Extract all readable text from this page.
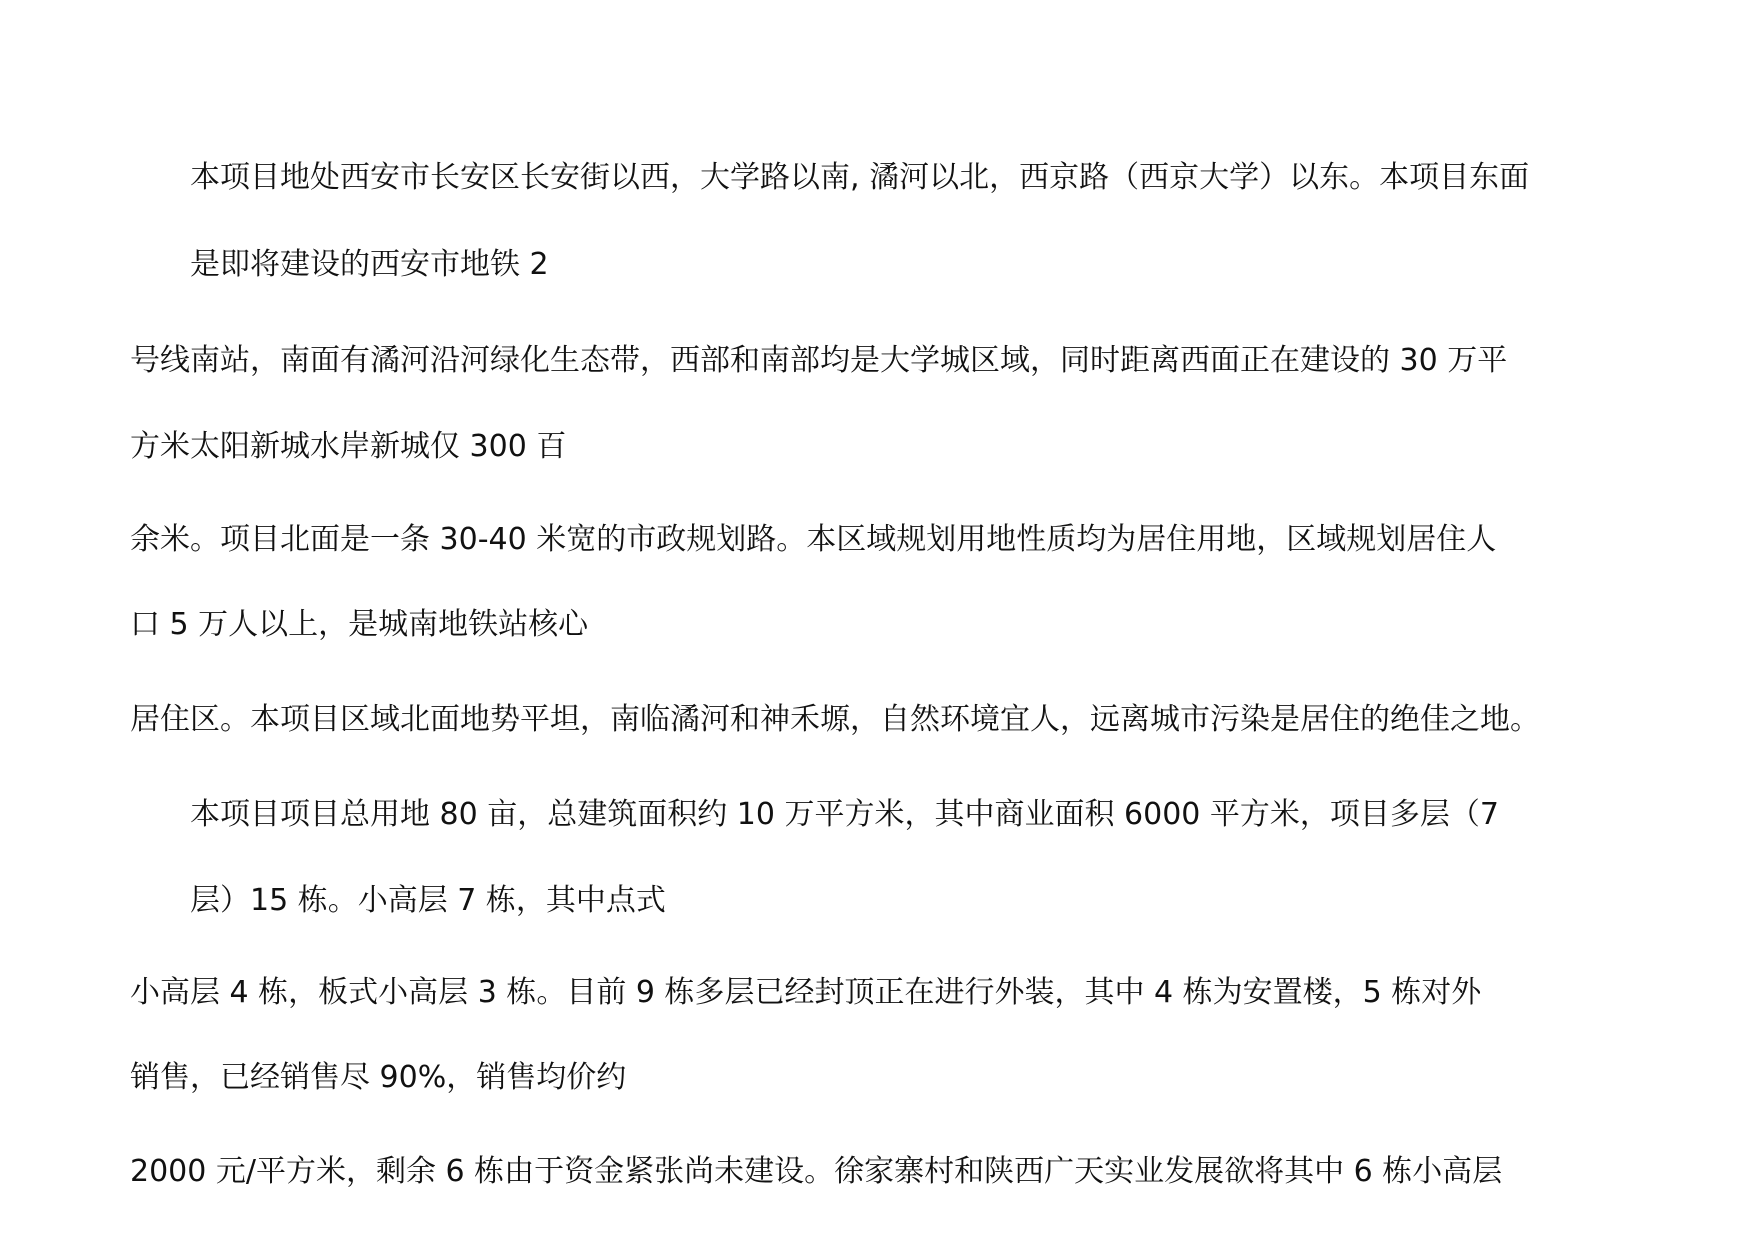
本项目地处西安市长安区长安街以西，大学路以南, 潏河以北，西京路（西京大学）以东。本项目东面
是即将建设的西安市地铁 2
号线南站，南面有潏河沿河绿化生态带，西部和南部均是大学城区域，同时距离西面正在建设的 30 万平
方米太阳新城水岸新城仅 300 百
余米。项目北面是一条 30-40 米宽的市政规划路。本区域规划用地性质均为居住用地，区域规划居住人
口 5 万人以上，是城南地铁站核心
居住区。本项目区域北面地势平坦，南临潏河和神禾塬，自然环境宜人，远离城市污染是居住的绝佳之地。
本项目项目总用地 80 亩，总建筑面积约 10 万平方米，其中商业面积 6000 平方米，项目多层（7
层）15 栋。小高层 7 栋，其中点式
小高层 4 栋，板式小高层 3 栋。目前 9 栋多层已经封顶正在进行外装，其中 4 栋为安置楼，5 栋对外
销售，已经销售尽 90%，销售均价约
2000 元/平方米，剩余 6 栋由于资金紧张尚未建设。徐家寨村和陕西广天实业发展欲将其中 6 栋小高层
